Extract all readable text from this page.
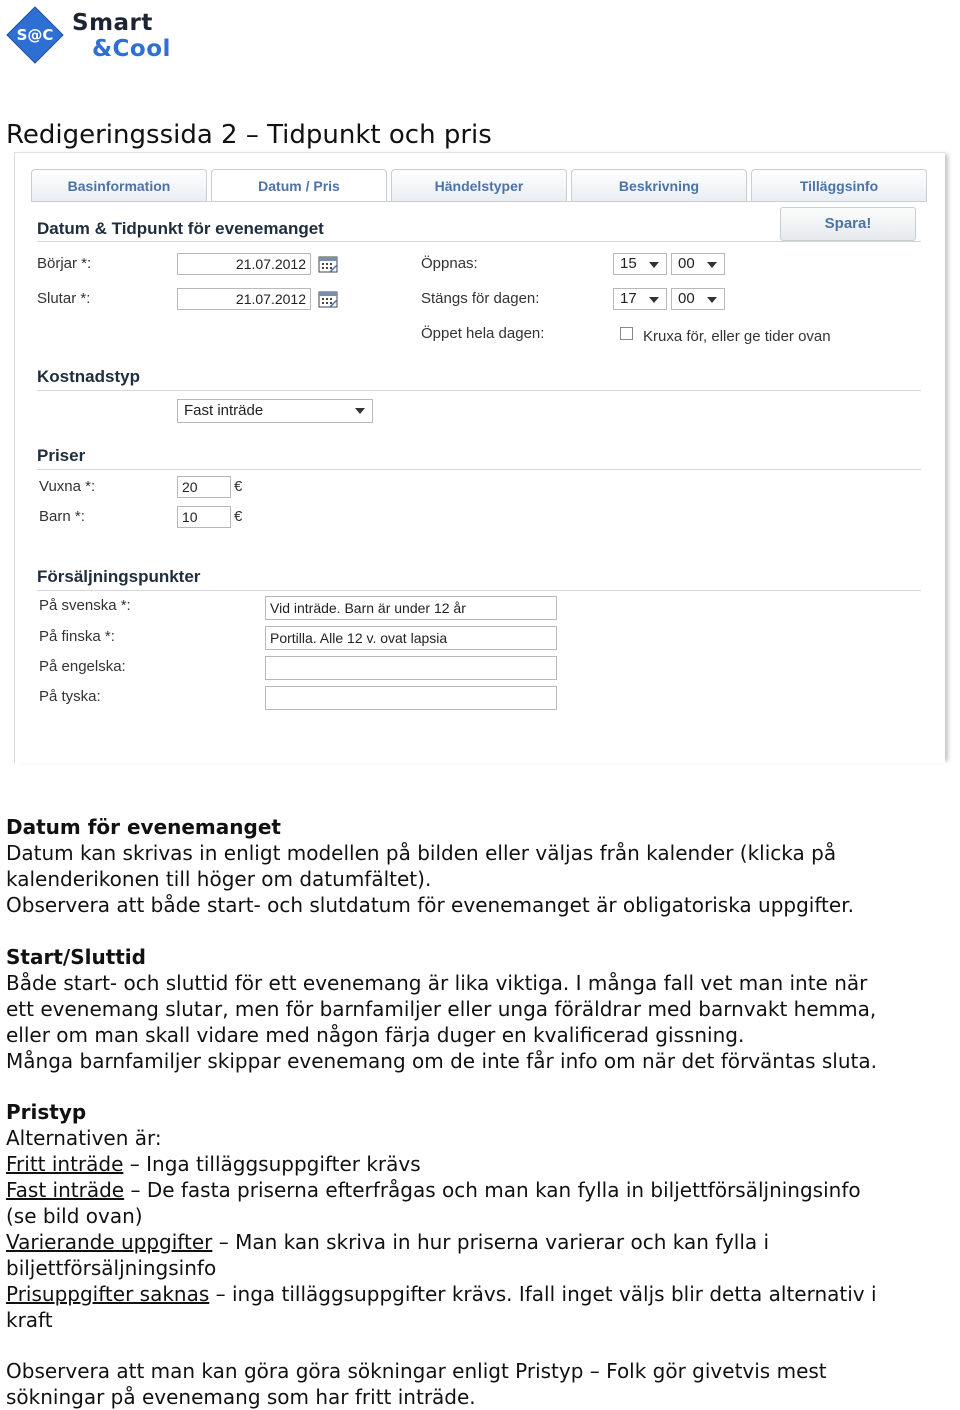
S@C Smart
&Cool
Redigeringssida 2 – Tidpunkt och pris
Basinformation	Datum / Pris	Händelstyper	Beskrivning	Tilläggsinfo
Spara!
Datum & Tidpunkt för evenemanget
Börjar *:
21.07.2012
Slutar *:
21.07.2012
Öppnas:	15	00
Stängs för dagen:	17	00
Öppet hela dagen:	Kruxa för, eller ge tider ovan
Kostnadstyp
Fast inträde
Priser
Vuxna *:
20	€
Barn *:
10	€
Försäljningspunkter
På svenska *:
Vid inträde. Barn är under 12 år
På finska *:
Portilla. Alle 12 v. ovat lapsia
På engelska:
På tyska:

Datum för evenemanget

Datum kan skrivas in enligt modellen på bilden eller väljas från kalender (klicka på

kalenderikonen till höger om datumfältet).

Observera att både start- och slutdatum för evenemanget är obligatoriska uppgifter.

Start/Sluttid

Både start- och sluttid för ett evenemang är lika viktiga. I många fall vet man inte när

ett evenemang slutar, men för barnfamiljer eller unga föräldrar med barnvakt hemma,

eller om man skall vidare med någon färja duger en kvalificerad gissning.

Många barnfamiljer skippar evenemang om de inte får info om när det förväntas sluta.

Pristyp

Alternativen är:

Fritt inträde – Inga tilläggsuppgifter krävs

Fast inträde – De fasta priserna efterfrågas och man kan fylla in biljettförsäljningsinfo

(se bild ovan)

Varierande uppgifter – Man kan skriva in hur priserna varierar och kan fylla i

biljettförsäljningsinfo

Prisuppgifter saknas – inga tilläggsuppgifter krävs. Ifall inget väljs blir detta alternativ i

kraft

Observera att man kan göra göra sökningar enligt Pristyp – Folk gör givetvis mest

sökningar på evenemang som har fritt inträde.
